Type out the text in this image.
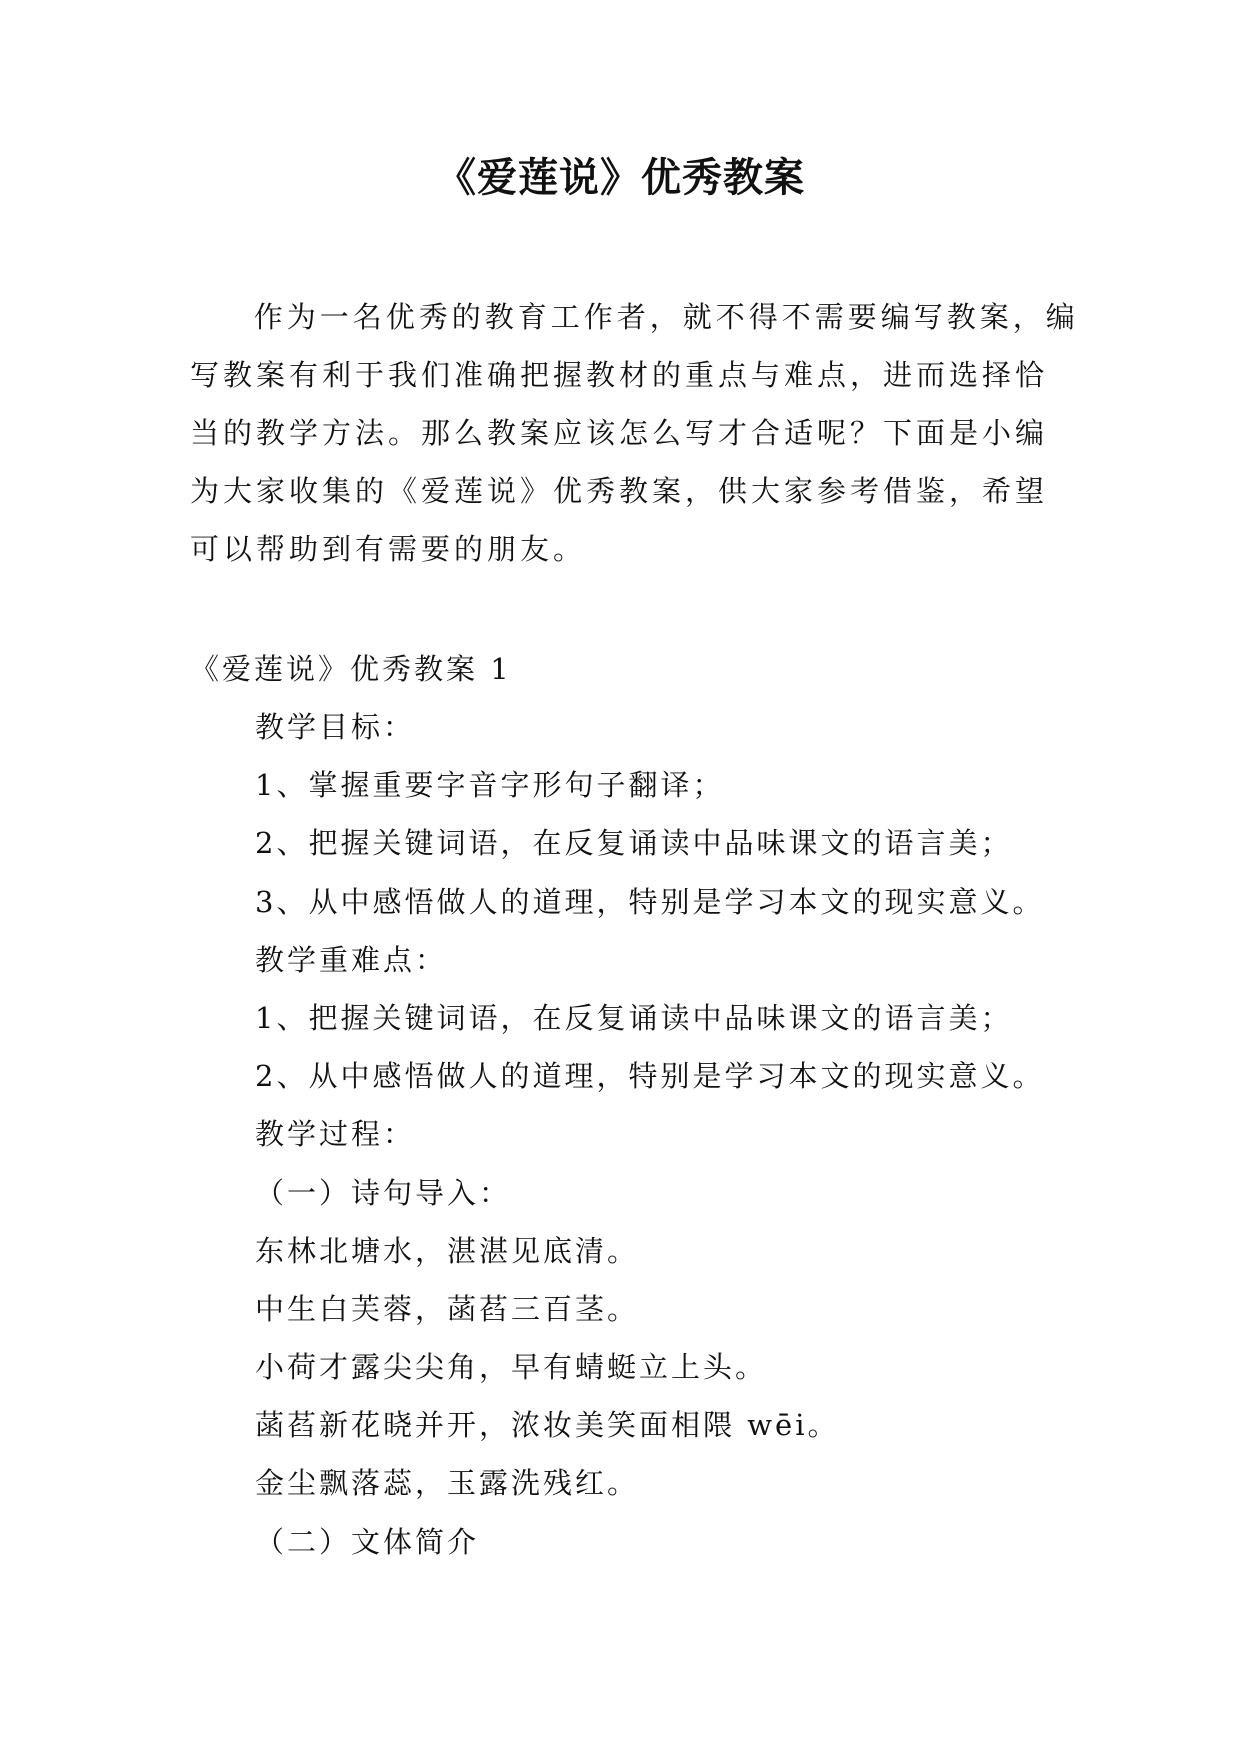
《爱莲说》优秀教案

作为一名优秀的教育工作者，就不得不需要编写教案，编写教案有利于我们准确把握教材的重点与难点，进而选择恰当的教学方法。那么教案应该怎么写才合适呢？下面是小编为大家收集的《爱莲说》优秀教案，供大家参考借鉴，希望可以帮助到有需要的朋友。

《爱莲说》优秀教案 1
教学目标：
1、掌握重要字音字形句子翻译；
2、把握关键词语，在反复诵读中品味课文的语言美；
3、从中感悟做人的道理，特别是学习本文的现实意义。
教学重难点：
1、把握关键词语，在反复诵读中品味课文的语言美；
2、从中感悟做人的道理，特别是学习本文的现实意义。
教学过程：
（一）诗句导入：
东林北塘水，湛湛见底清。
中生白芙蓉，菡萏三百茎。
小荷才露尖尖角，早有蜻蜓立上头。
菡萏新花晓并开，浓妆美笑面相隈 wēi。
金尘飘落蕊，玉露洗残红。
（二）文体简介
